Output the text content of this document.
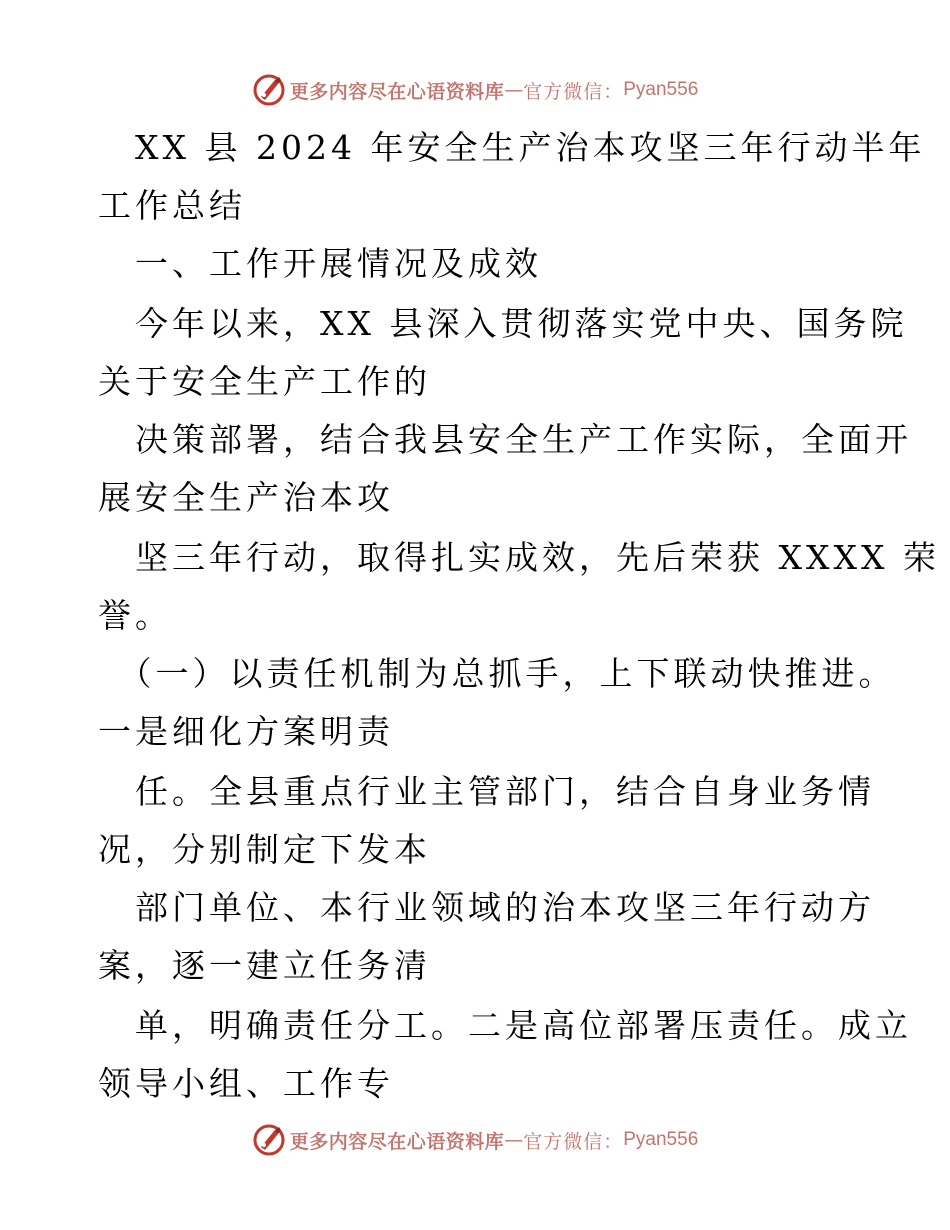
更多内容尽在心语资料库 — 官方微信： Pyan556
　XX 县 2024 年安全生产治本攻坚三年行动半年
工作总结
　一、工作开展情况及成效
　今年以来，XX 县深入贯彻落实党中央、国务院
关于安全生产工作的
　决策部署，结合我县安全生产工作实际，全面开
展安全生产治本攻
　坚三年行动，取得扎实成效，先后荣获 XXXX 荣
誉。
　（一）以责任机制为总抓手，上下联动快推进。
一是细化方案明责
　任。全县重点行业主管部门，结合自身业务情
况，分别制定下发本
　部门单位、本行业领域的治本攻坚三年行动方
案，逐一建立任务清
　单，明确责任分工。二是高位部署压责任。成立
领导小组、工作专
更多内容尽在心语资料库 — 官方微信： Pyan556
